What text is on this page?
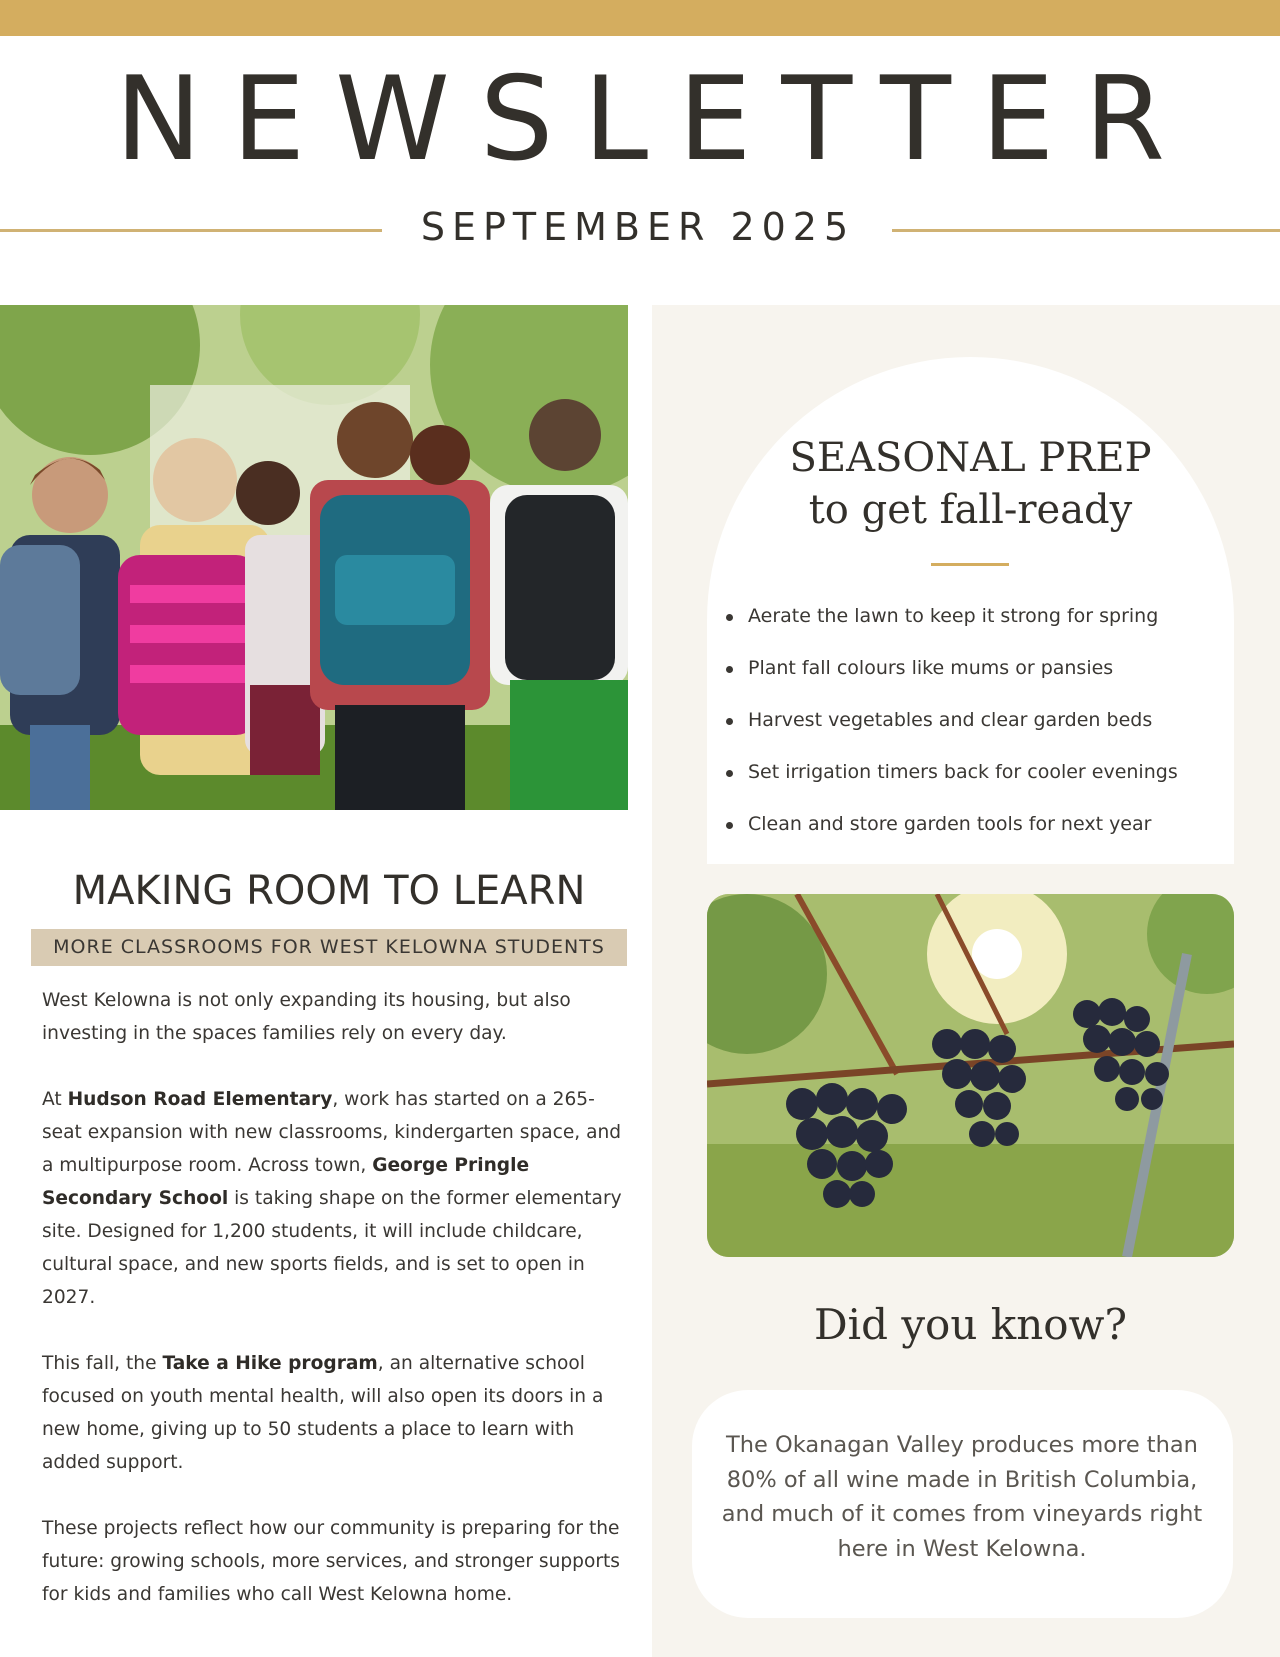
NEWSLETTER
SEPTEMBER 2025
MAKING ROOM TO LEARN
MORE CLASSROOMS FOR WEST KELOWNA STUDENTS

West Kelowna is not only expanding its housing, but also investing in the spaces families rely on every day.

At Hudson Road Elementary, work has started on a 265-seat expansion with new classrooms, kindergarten space, and a multipurpose room. Across town, George Pringle Secondary School is taking shape on the former elementary site. Designed for 1,200 students, it will include childcare, cultural space, and new sports fields, and is set to open in 2027.

This fall, the Take a Hike program, an alternative school focused on youth mental health, will also open its doors in a new home, giving up to 50 students a place to learn with added support.

These projects reflect how our community is preparing for the future: growing schools, more services, and stronger supports for kids and families who call West Kelowna home.

SEASONAL PREP
to get fall-ready
Aerate the lawn to keep it strong for spring
Plant fall colours like mums or pansies
Harvest vegetables and clear garden beds
Set irrigation timers back for cooler evenings
Clean and store garden tools for next year
Did you know?
The Okanagan Valley produces more than 80% of all wine made in British Columbia, and much of it comes from vineyards right here in West Kelowna.
